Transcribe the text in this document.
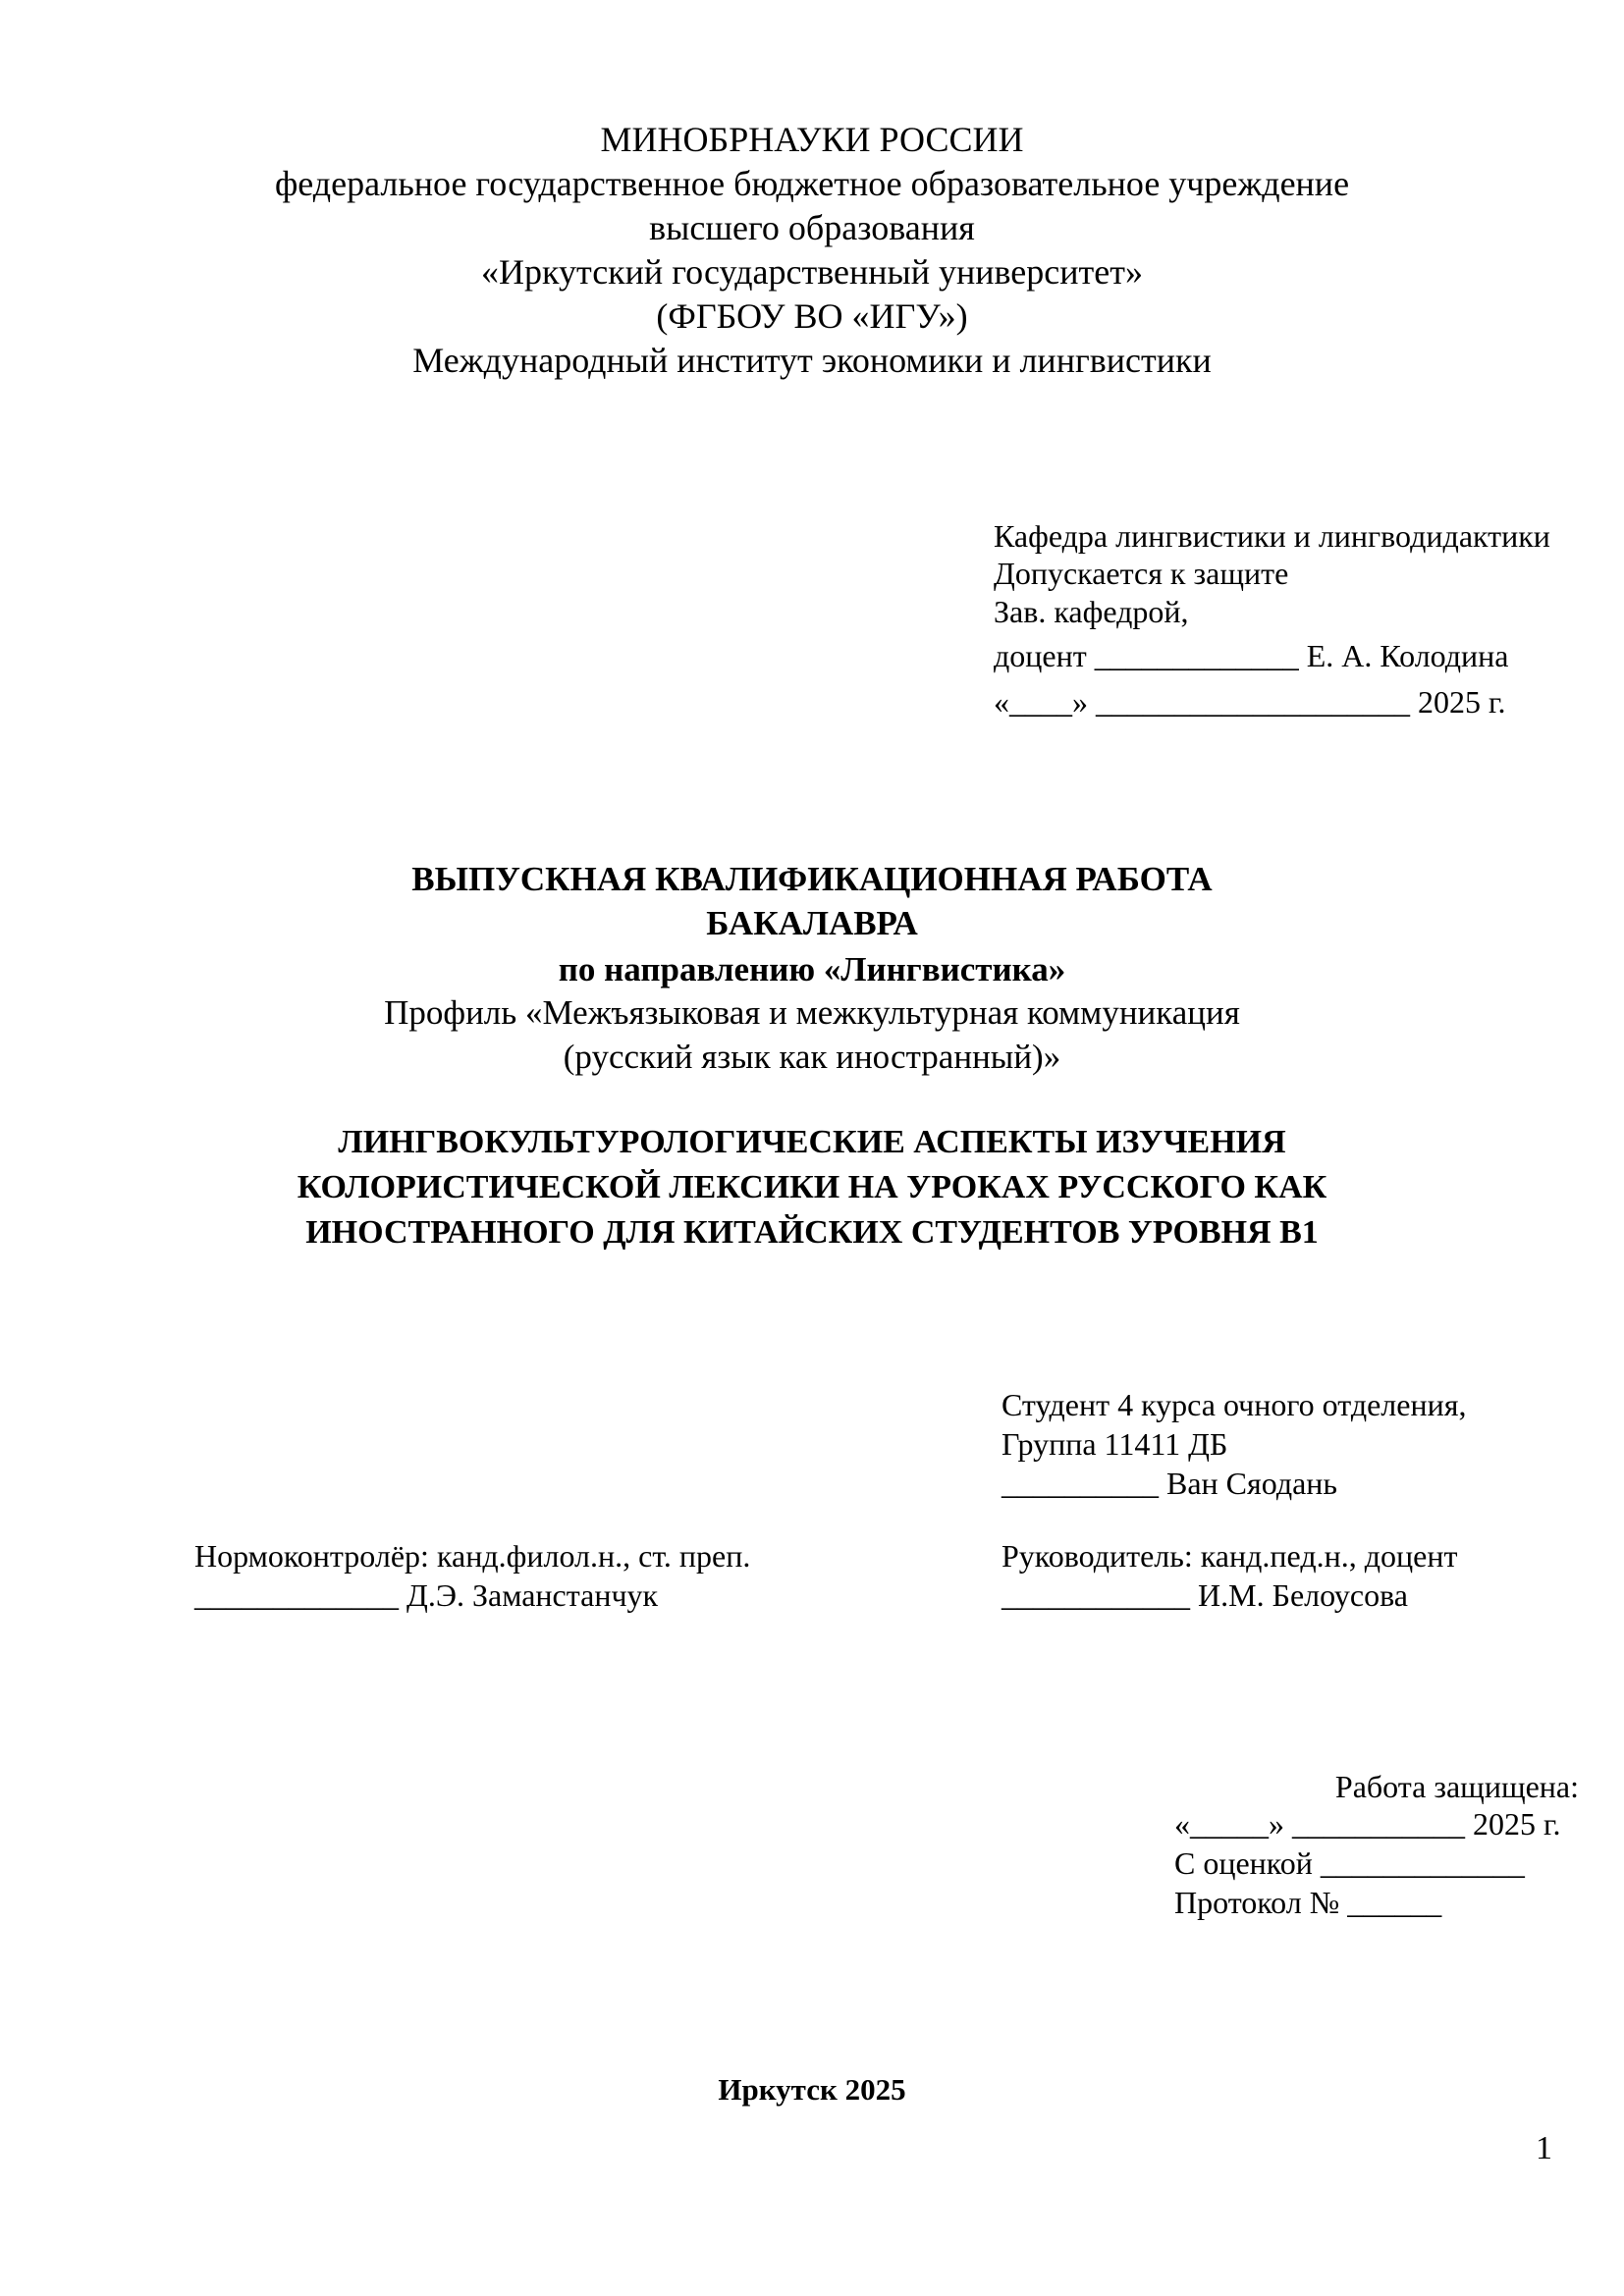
МИНОБРНАУКИ РОССИИ
федеральное государственное бюджетное образовательное учреждение
высшего образования
«Иркутский государственный университет»
(ФГБОУ ВО «ИГУ»)
Международный институт экономики и лингвистики
Кафедра лингвистики и лингводидактики
Допускается к защите
Зав. кафедрой,
доцент _____________ Е. А. Колодина
«____» ____________________ 2025 г.
ВЫПУСКНАЯ КВАЛИФИКАЦИОННАЯ РАБОТА
БАКАЛАВРА
по направлению «Лингвистика»
Профиль «Межъязыковая и межкультурная коммуникация
(русский язык как иностранный)»
ЛИНГВОКУЛЬТУРОЛОГИЧЕСКИЕ АСПЕКТЫ ИЗУЧЕНИЯ
КОЛОРИСТИЧЕСКОЙ ЛЕКСИКИ НА УРОКАХ РУССКОГО КАК
ИНОСТРАННОГО ДЛЯ КИТАЙСКИХ СТУДЕНТОВ УРОВНЯ В1
Студент 4 курса очного отделения,
Группа 11411 ДБ
__________ Ван Сяодань
Нормоконтролёр: канд.филол.н., ст. преп.
_____________ Д.Э. Заманстанчук
Руководитель: канд.пед.н., доцент
____________ И.М. Белоусова
Работа защищена:
«_____» ___________ 2025 г.
С оценкой _____________
Протокол № ______
Иркутск 2025
1
